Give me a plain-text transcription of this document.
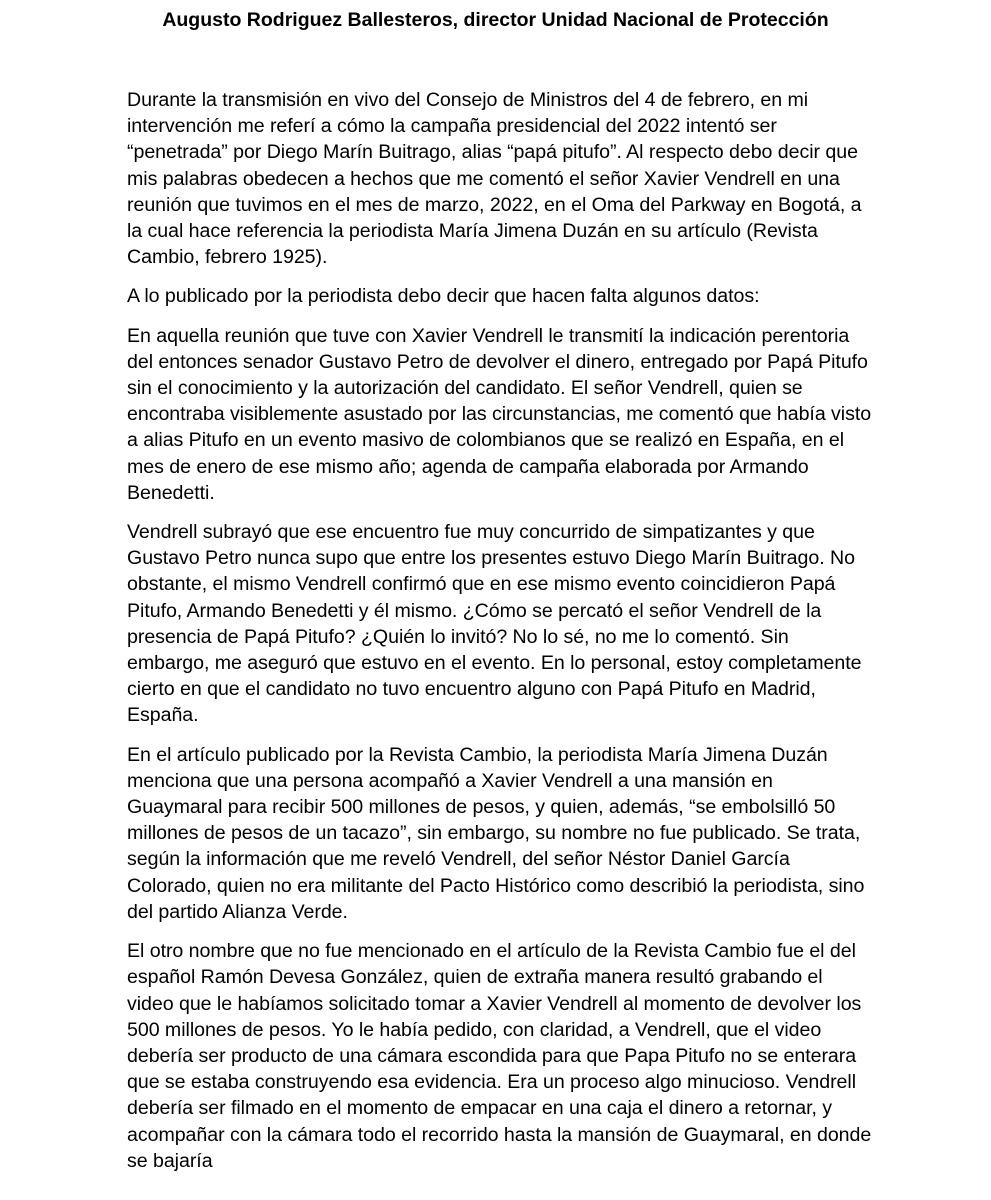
Augusto Rodriguez Ballesteros, director Unidad Nacional de Protección

Durante la transmisión en vivo del Consejo de Ministros del 4 de febrero, en mi intervención me referí a cómo la campaña presidencial del 2022 intentó ser “penetrada” por Diego Marín Buitrago, alias “papá pitufo”. Al respecto debo decir que mis palabras obedecen a hechos que me comentó el señor Xavier Vendrell en una reunión que tuvimos en el mes de marzo, 2022, en el Oma del Parkway en Bogotá, a la cual hace referencia la periodista María Jimena Duzán en su artículo (Revista Cambio, febrero 1925).

A lo publicado por la periodista debo decir que hacen falta algunos datos:

En aquella reunión que tuve con Xavier Vendrell le transmití la indicación perentoria del entonces senador Gustavo Petro de devolver el dinero, entregado por Papá Pitufo sin el conocimiento y la autorización del candidato. El señor Vendrell, quien se encontraba visiblemente asustado por las circunstancias, me comentó que había visto a alias Pitufo en un evento masivo de colombianos que se realizó en España, en el mes de enero de ese mismo año; agenda de campaña elaborada por Armando Benedetti.

Vendrell subrayó que ese encuentro fue muy concurrido de simpatizantes y que Gustavo Petro nunca supo que entre los presentes estuvo Diego Marín Buitrago. No obstante, el mismo Vendrell confirmó que en ese mismo evento coincidieron Papá Pitufo, Armando Benedetti y él mismo. ¿Cómo se percató el señor Vendrell de la presencia de Papá Pitufo? ¿Quién lo invitó? No lo sé, no me lo comentó. Sin embargo, me aseguró que estuvo en el evento. En lo personal, estoy completamente cierto en que el candidato no tuvo encuentro alguno con Papá Pitufo en Madrid, España.

En el artículo publicado por la Revista Cambio, la periodista María Jimena Duzán menciona que una persona acompañó a Xavier Vendrell a una mansión en Guaymaral para recibir 500 millones de pesos, y quien, además, “se embolsilló 50 millones de pesos de un tacazo”, sin embargo, su nombre no fue publicado. Se trata, según la información que me reveló Vendrell, del señor Néstor Daniel García Colorado, quien no era militante del Pacto Histórico como describió la periodista, sino del partido Alianza Verde.

El otro nombre que no fue mencionado en el artículo de la Revista Cambio fue el del español Ramón Devesa González, quien de extraña manera resultó grabando el video que le habíamos solicitado tomar a Xavier Vendrell al momento de devolver los 500 millones de pesos. Yo le había pedido, con claridad, a Vendrell, que el video debería ser producto de una cámara escondida para que Papa Pitufo no se enterara que se estaba construyendo esa evidencia. Era un proceso algo minucioso. Vendrell debería ser filmado en el momento de empacar en una caja el dinero a retornar, y acompañar con la cámara todo el recorrido hasta la mansión de Guaymaral, en donde se bajaría
